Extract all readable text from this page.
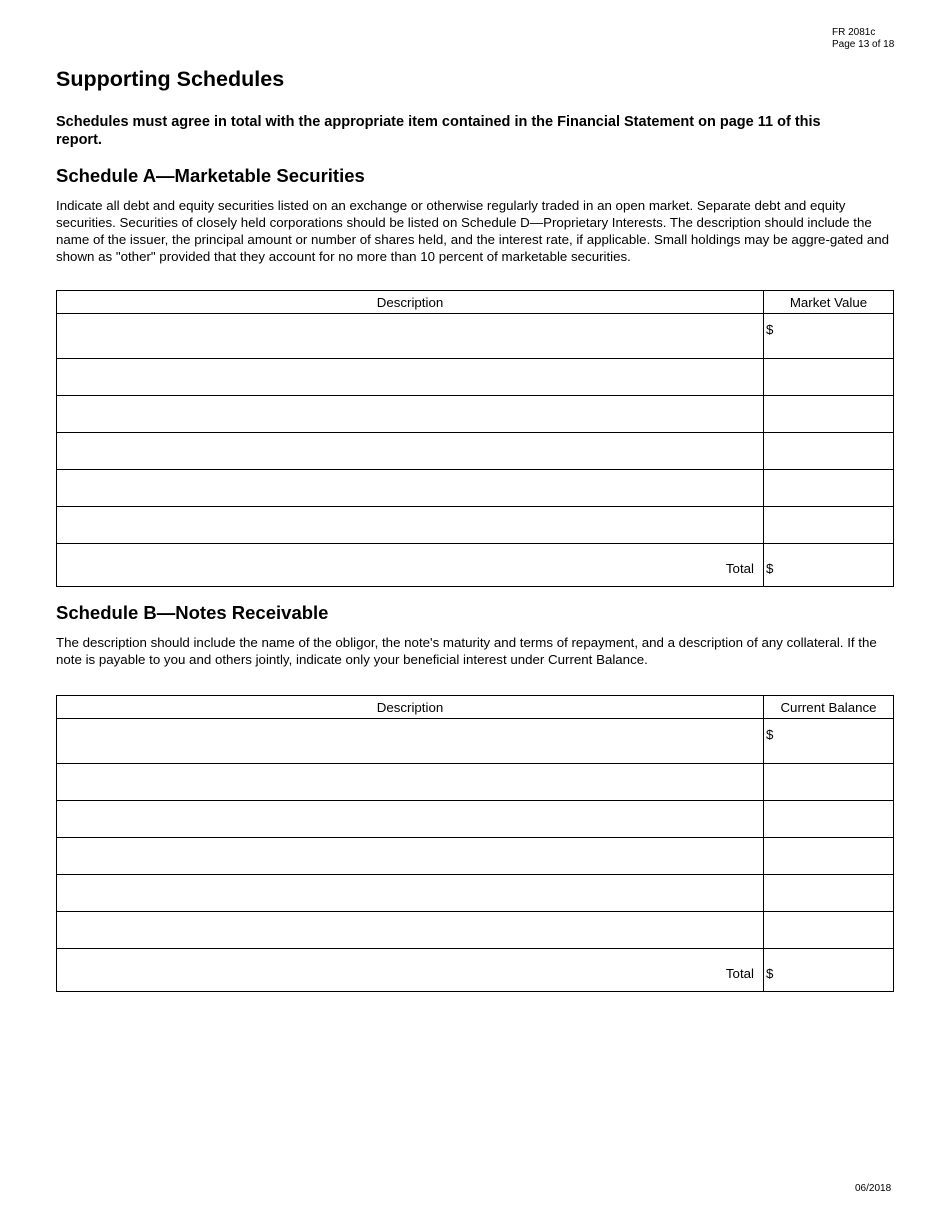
FR 2081c
Page 13 of 18
Supporting Schedules

Schedules must agree in total with the appropriate item contained in the Financial Statement on page 11 of this report.

Schedule A—Marketable Securities

Indicate all debt and equity securities listed on an exchange or otherwise regularly traded in an open market. Separate debt and equity securities. Securities of closely held corporations should be listed on Schedule D—Proprietary Interests. The description should include the name of the issuer, the principal amount or number of shares held, and the interest rate, if applicable. Small holdings may be aggre-gated and shown as "other" provided that they account for no more than 10 percent of marketable securities.

Description	Market Value
	$

Total	$
Schedule B—Notes Receivable

The description should include the name of the obligor, the note's maturity and terms of repayment, and a description of any collateral. If the note is payable to you and others jointly, indicate only your beneficial interest under Current Balance.

Description	Current Balance
	$

Total	$
06/2018
